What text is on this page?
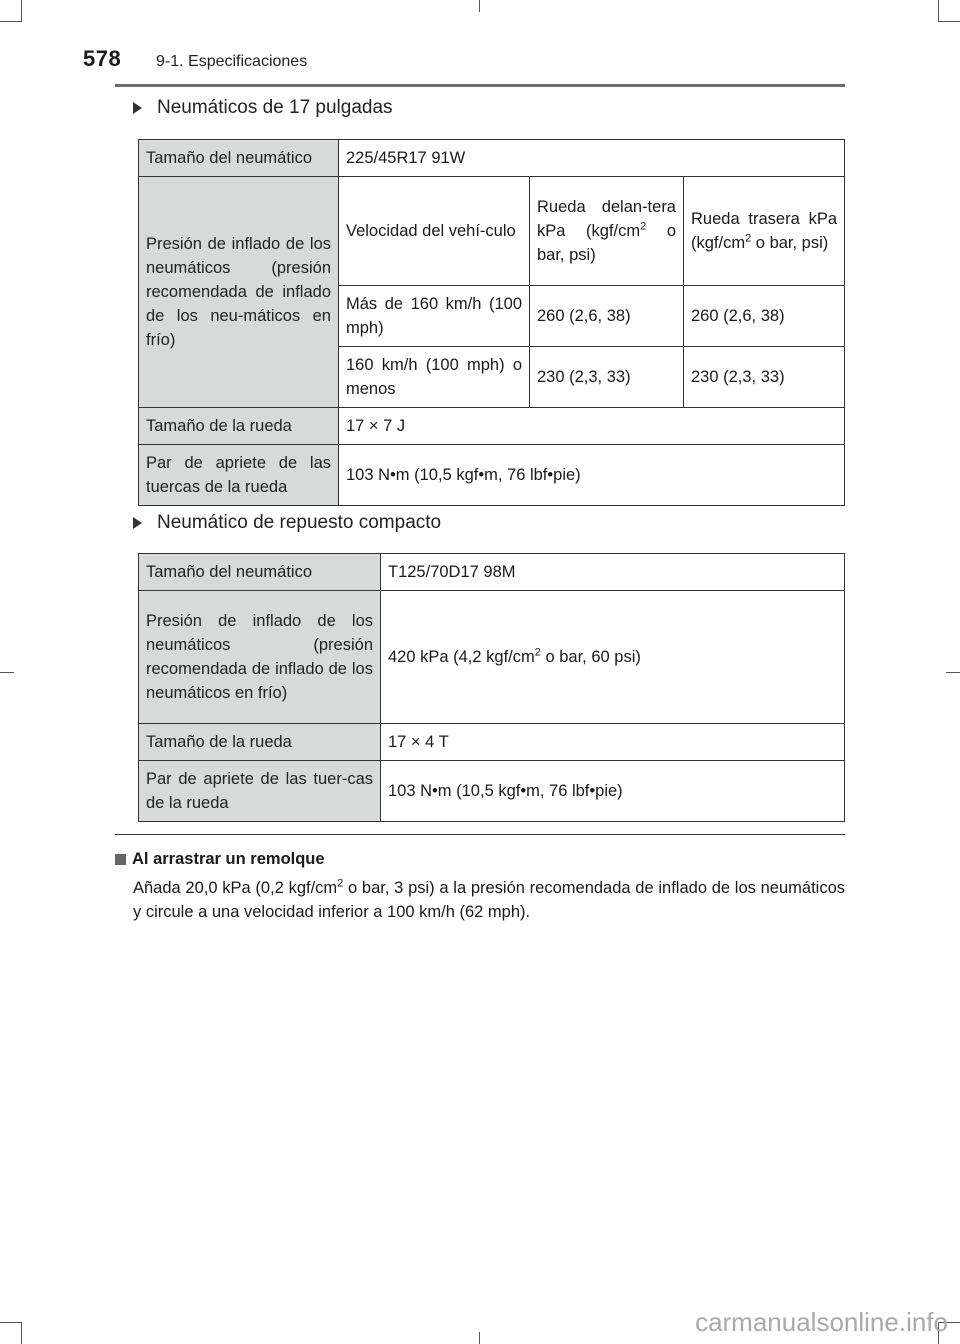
578 9-1. Especificaciones
Neumáticos de 17 pulgadas
Tamaño del neumático	225/45R17 91W		
Presión de inflado de los neumáticos (presión recomendada de inflado de los neu-máticos en frío)	Velocidad del vehí-culo	Rueda delan-tera kPa ($kgf/cm^2$ o bar, psi)	Rueda trasera kPa ($kgf/cm^2$ o bar, psi)
	Más de 160 km/h (100 mph)	260 (2,6, 38)	260 (2,6, 38)
	160 km/h (100 mph) o menos	230 (2,3, 33)	230 (2,3, 33)
Tamaño de la rueda	17 × 7 J		
Par de apriete de las tuercas de la rueda	103 N•m (10,5 kgf•m, 76 lbf•pie)		
Neumático de repuesto compacto
Tamaño del neumático	T125/70D17 98M
Presión de inflado de los neumáticos (presión recomendada de inflado de los neumáticos en frío)	420 kPa (4,2 kgf/$cm^2$ o bar, 60 psi)
Tamaño de la rueda	17 × 4 T
Par de apriete de las tuer-cas de la rueda	103 N•m (10,5 kgf•m, 76 lbf•pie)
Al arrastrar un remolque
Añada 20,0 kPa (0,2 kgf/$cm^2$ o bar, 3 psi) a la presión recomendada de inflado de los neumáticos y circule a una velocidad inferior a 100 km/h (62 mph).
carmanualsonline.info
